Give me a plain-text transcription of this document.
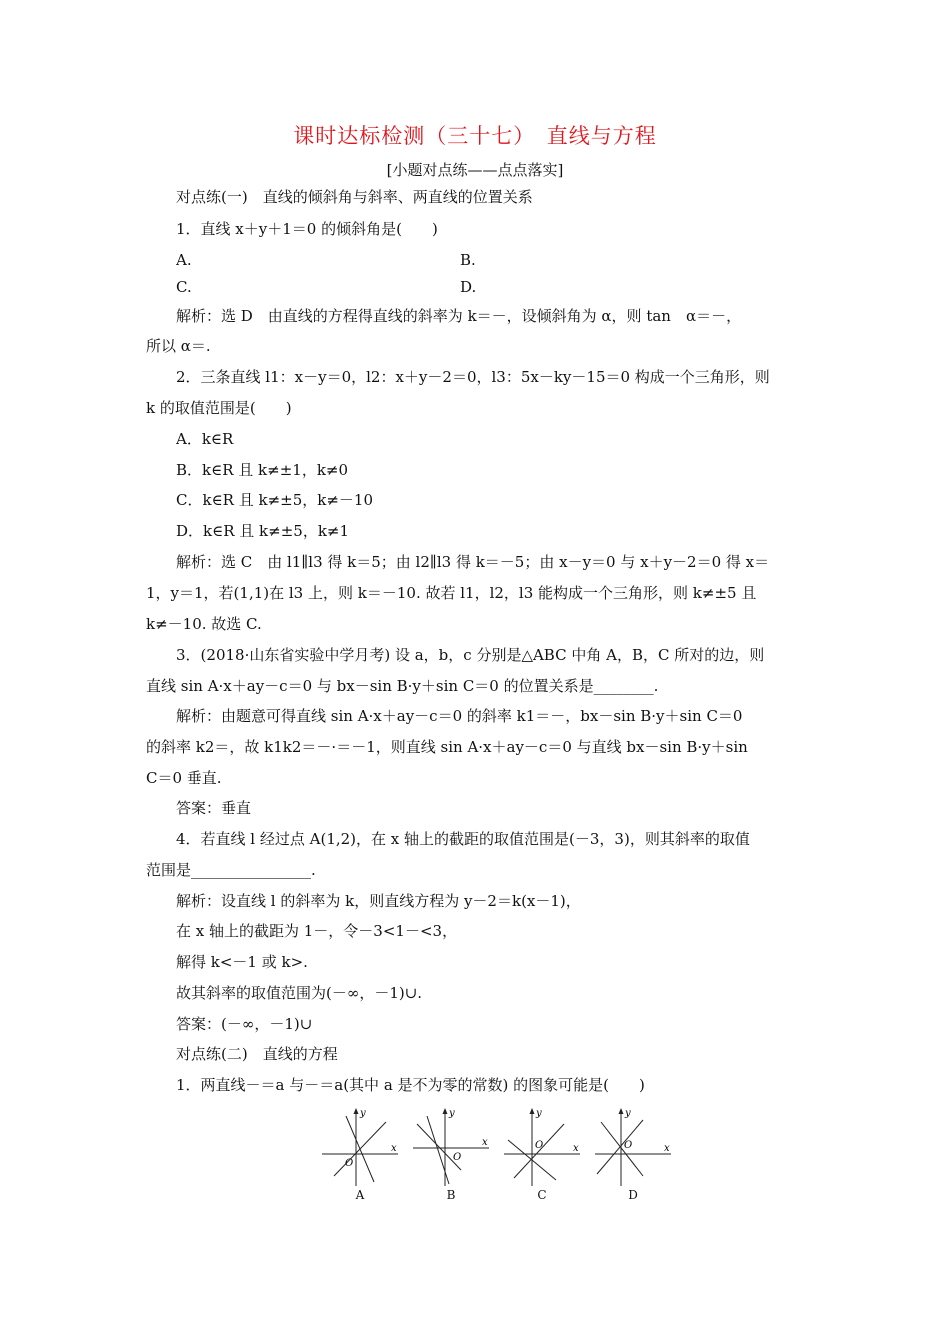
课时达标检测（三十七）　直线与方程
[小题对点练——点点落实]
对点练(一)　直线的倾斜角与斜率、两直线的位置关系
1．直线 x＋y＋1＝0 的倾斜角是(　　)
A.	B.
C.	D.
解析：选 D　由直线的方程得直线的斜率为 k＝－，设倾斜角为 α，则 tan　α＝－，
所以 α＝.
2．三条直线 l1：x－y＝0，l2：x＋y－2＝0，l3：5x－ky－15＝0 构成一个三角形，则
k 的取值范围是(　　)
A．k∈R
B．k∈R 且 k≠±1，k≠0
C．k∈R 且 k≠±5，k≠－10
D．k∈R 且 k≠±5，k≠1
解析：选 C　由 l1∥l3 得 k＝5；由 l2∥l3 得 k＝－5；由 x－y＝0 与 x＋y－2＝0 得 x＝
1，y＝1，若(1,1)在 l3 上，则 k＝－10. 故若 l1，l2，l3 能构成一个三角形，则 k≠±5 且
k≠－10. 故选 C.
3．(2018·山东省实验中学月考) 设 a，b，c 分别是△ABC 中角 A，B，C 所对的边，则
直线 sin A·x＋ay－c＝0 与 bx－sin B·y＋sin C＝0 的位置关系是________.
解析：由题意可得直线 sin A·x＋ay－c＝0 的斜率 k1＝－，bx－sin B·y＋sin C＝0
的斜率 k2＝，故 k1k2＝－·＝－1，则直线 sin A·x＋ay－c＝0 与直线 bx－sin B·y＋sin
C＝0 垂直.
答案：垂直
4．若直线 l 经过点 A(1,2)，在 x 轴上的截距的取值范围是(－3，3)，则其斜率的取值
范围是________________.
解析：设直线 l 的斜率为 k，则直线方程为 y－2＝k(x－1)，
在 x 轴上的截距为 1－，令－3<1－<3，
解得 k<－1 或 k>.
故其斜率的取值范围为(－∞，－1)∪.
答案：(－∞，－1)∪
对点练(二)　直线的方程
1．两直线－＝a 与－＝a(其中 a 是不为零的常数) 的图象可能是(　　)
y
x
O
A
y
x
O
B
y
x
O
C
y
x
O
D
